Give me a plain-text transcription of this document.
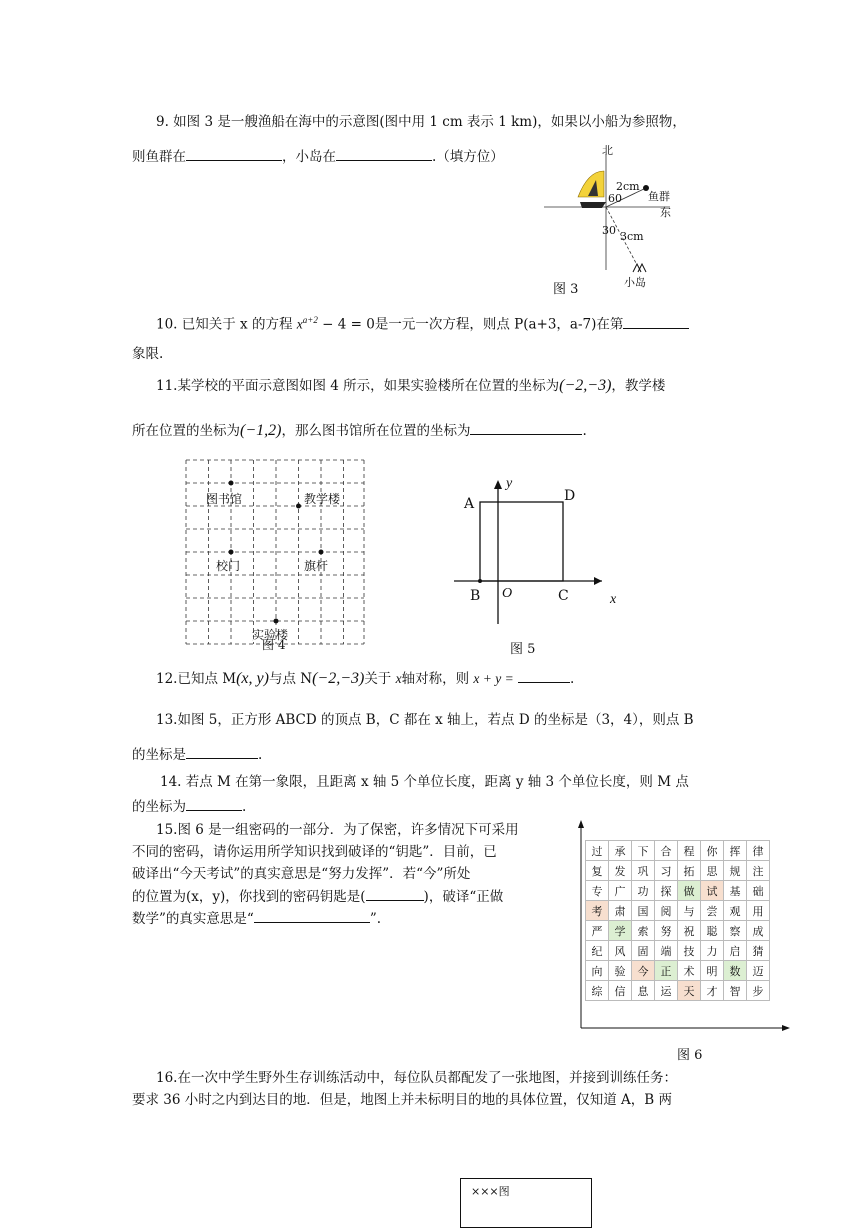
9. 如图 3 是一艘渔船在海中的示意图(图中用 1 cm 表示 1 km)，如果以小船为参照物，
则鱼群在	，小岛在	.（填方位）	北
2cm
60 鱼群
东
30 3cm
小岛
图 3
10. 已知关于 x 的方程 $x^{a+2} - 4 = 0$是一元一次方程，则点 P(a+3，a-7)在第
象限.
11.某学校的平面示意图如图 4 所示，如果实验楼所在位置的坐标为(−2,−3)，教学楼
所在位置的坐标为(−1,2)，那么图书馆所在位置的坐标为	.
图书馆	教学楼
校门	旗杆
实验楼
图 4
y
A	D
B O	C	x
图 5
12.已知点 M(x, y)与点 N(−2,−3)关于 x轴对称，则 x + y =	.
13.如图 5，正方形 ABCD 的顶点 B，C 都在 x 轴上，若点 D 的坐标是（3，4），则点 B
的坐标是	.
14. 若点 M 在第一象限，且距离 x 轴 5 个单位长度，距离 y 轴 3 个单位长度，则 M 点
的坐标为	.
15.图 6 是一组密码的一部分．为了保密，许多情况下可采用
不同的密码，请你运用所学知识找到破译的“钥匙”．目前，已
破译出“今天考试”的真实意思是“努力发挥”．若“今”所处
的位置为(x，y)，你找到的密码钥匙是(	)，破译“正做
数学”的真实意思是“	”.
过	承	下	合	程	你	挥	律
复	发	巩	习	拓	思	规	注
专	广	功	探	做	试	基	础
考	肃	国	阅	与	尝	观	用
严	学	索	努	祝	聪	察	成
纪	风	固	端	技	力	启	猜
向	验	今	正	术	明	数	迈
综	信	息	运	天	才	智	步
图 6
16.在一次中学生野外生存训练活动中，每位队员都配发了一张地图，并接到训练任务：
要求 36 小时之内到达目的地．但是，地图上并未标明目的地的具体位置，仅知道 A，B 两
×××图
